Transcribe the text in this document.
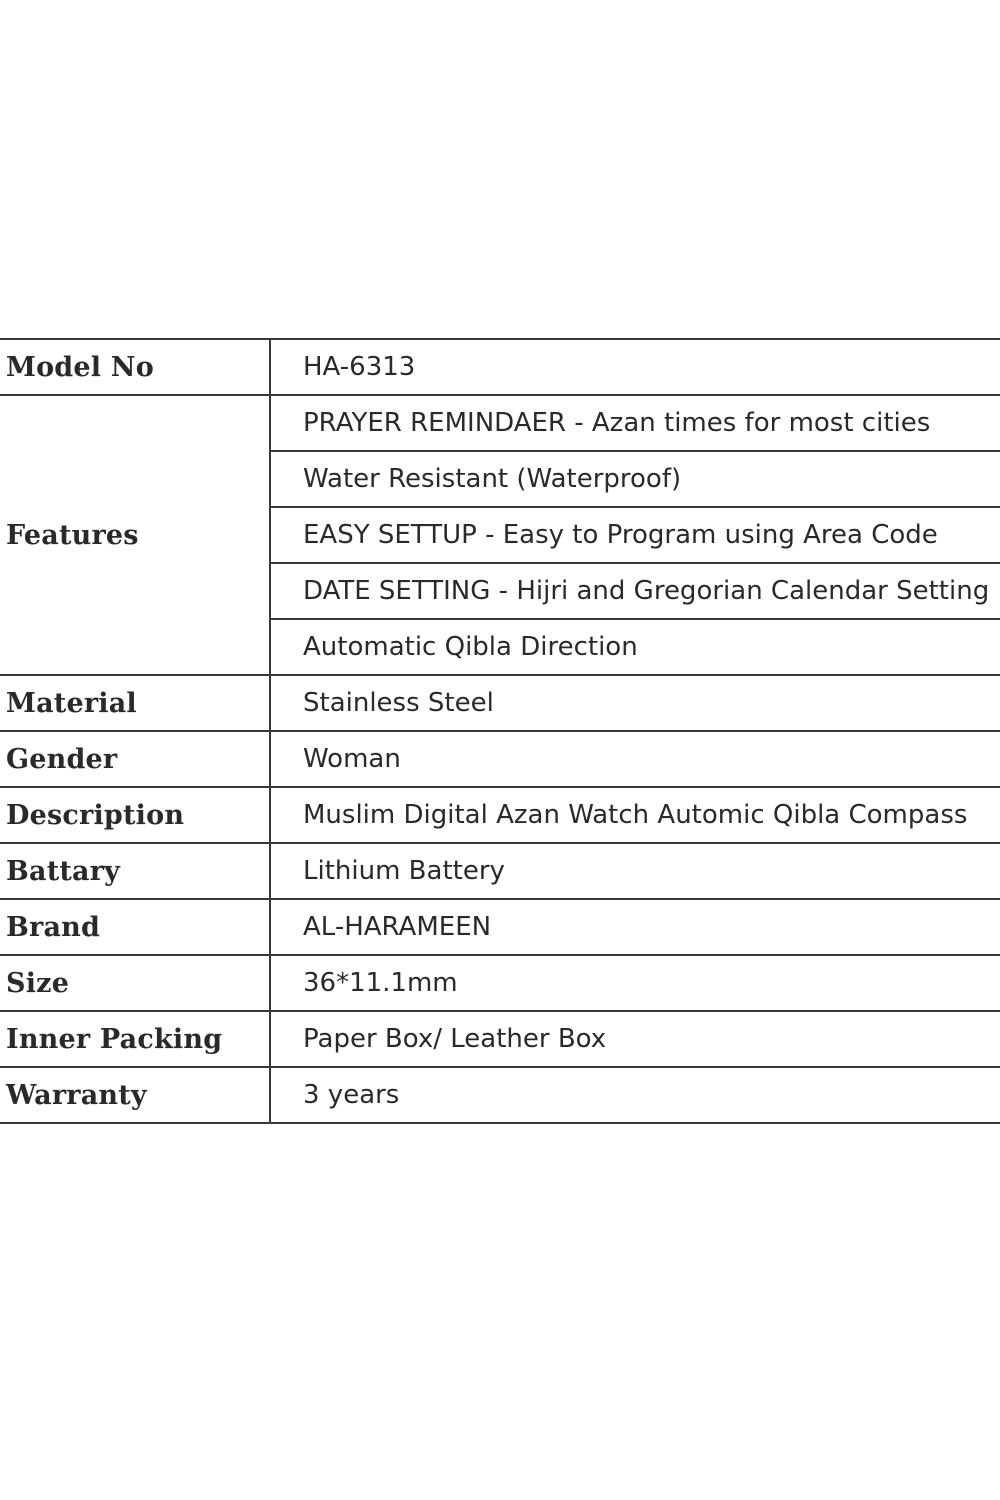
Model No	HA-6313
Features	PRAYER REMINDAER - Azan times for most cities
	Water Resistant (Waterproof)
	EASY SETTUP - Easy to Program using Area Code
	DATE SETTING - Hijri and Gregorian Calendar Setting
	Automatic Qibla Direction
Material	Stainless Steel
Gender	Woman
Description	Muslim Digital Azan Watch Automic Qibla Compass
Battary	Lithium Battery
Brand	AL-HARAMEEN
Size	36*11.1mm
Inner Packing	Paper Box/ Leather Box
Warranty	3 years
